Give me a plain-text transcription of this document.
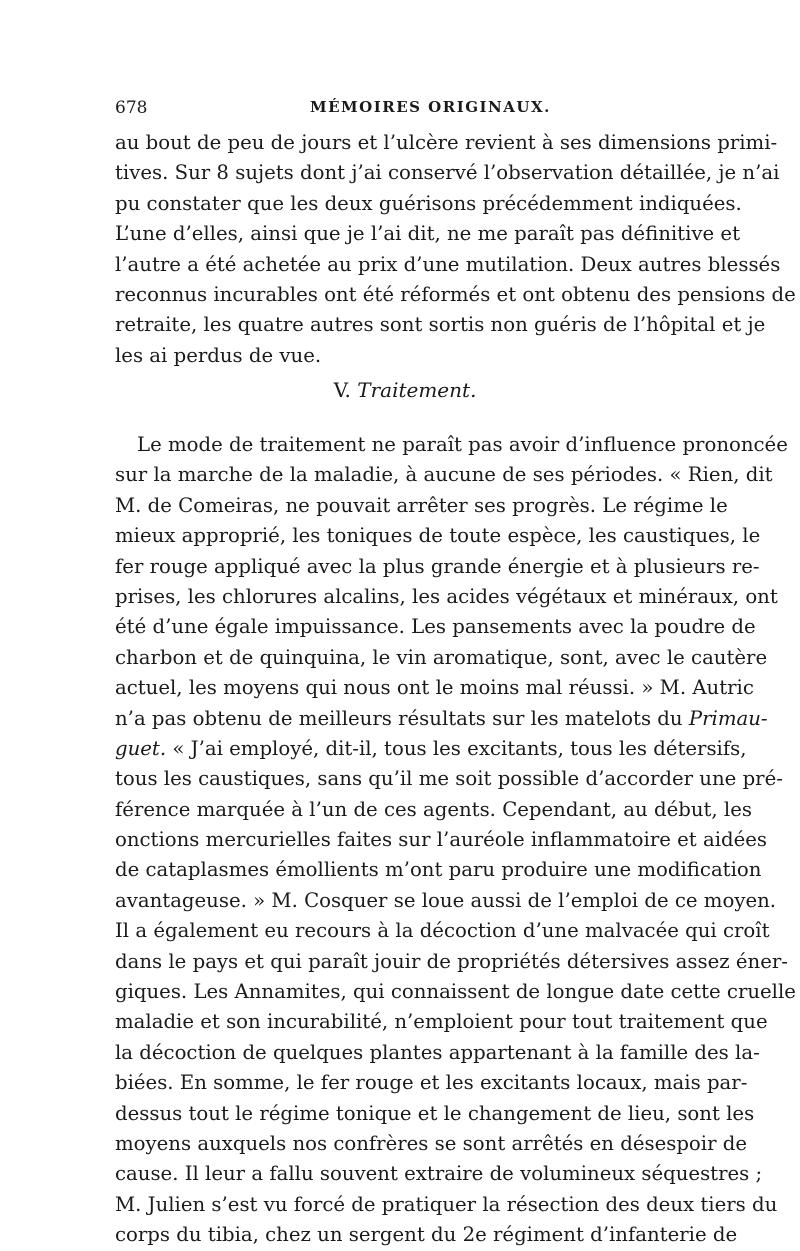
678	MÉMOIRES ORIGINAUX.
au bout de peu de jours et l’ulcère revient à ses dimensions primi-
tives. Sur 8 sujets dont j’ai conservé l’observation détaillée, je n’ai
pu constater que les deux guérisons précédemment indiquées.
L’une d’elles, ainsi que je l’ai dit, ne me paraît pas définitive et
l’autre a été achetée au prix d’une mutilation. Deux autres blessés
reconnus incurables ont été réformés et ont obtenu des pensions de
retraite, les quatre autres sont sortis non guéris de l’hôpital et je
les ai perdus de vue.
V. Traitement.
Le mode de traitement ne paraît pas avoir d’influence prononcée
sur la marche de la maladie, à aucune de ses périodes. « Rien, dit
M. de Comeiras, ne pouvait arrêter ses progrès. Le régime le
mieux approprié, les toniques de toute espèce, les caustiques, le
fer rouge appliqué avec la plus grande énergie et à plusieurs re-
prises, les chlorures alcalins, les acides végétaux et minéraux, ont
été d’une égale impuissance. Les pansements avec la poudre de
charbon et de quinquina, le vin aromatique, sont, avec le cautère
actuel, les moyens qui nous ont le moins mal réussi. » M. Autric
n’a pas obtenu de meilleurs résultats sur les matelots du Primau-
guet. « J’ai employé, dit-il, tous les excitants, tous les détersifs,
tous les caustiques, sans qu’il me soit possible d’accorder une pré-
férence marquée à l’un de ces agents. Cependant, au début, les
onctions mercurielles faites sur l’auréole inflammatoire et aidées
de cataplasmes émollients m’ont paru produire une modification
avantageuse. » M. Cosquer se loue aussi de l’emploi de ce moyen.
Il a également eu recours à la décoction d’une malvacée qui croît
dans le pays et qui paraît jouir de propriétés détersives assez éner-
giques. Les Annamites, qui connaissent de longue date cette cruelle
maladie et son incurabilité, n’emploient pour tout traitement que
la décoction de quelques plantes appartenant à la famille des la-
biées. En somme, le fer rouge et les excitants locaux, mais par-
dessus tout le régime tonique et le changement de lieu, sont les
moyens auxquels nos confrères se sont arrêtés en désespoir de
cause. Il leur a fallu souvent extraire de volumineux séquestres ;
M. Julien s’est vu forcé de pratiquer la résection des deux tiers du
corps du tibia, chez un sergent du 2e régiment d’infanterie de
